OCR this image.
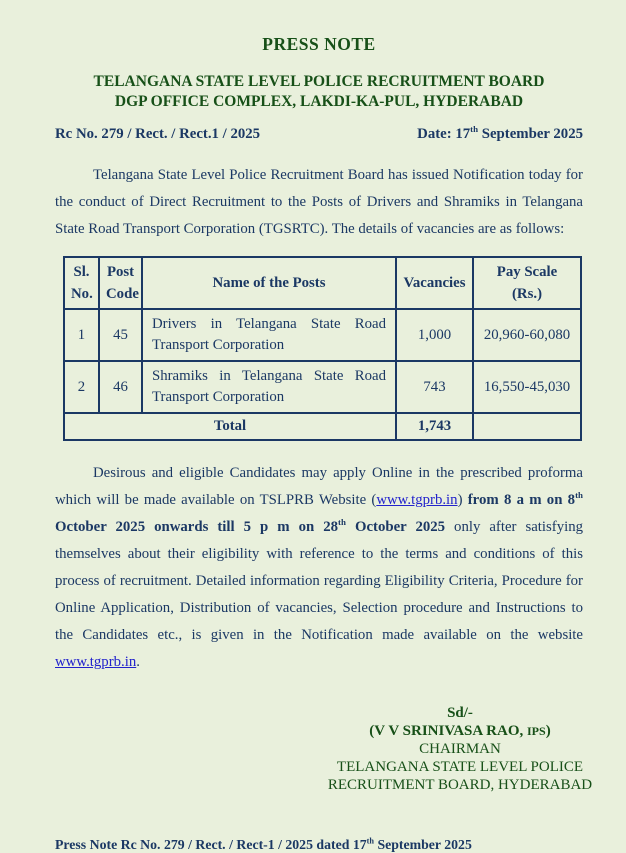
PRESS NOTE
TELANGANA STATE LEVEL POLICE RECRUITMENT BOARD
DGP OFFICE COMPLEX, LAKDI-KA-PUL, HYDERABAD
Rc No. 279 / Rect. / Rect.1 / 2025	Date: 17th September 2025

Telangana State Level Police Recruitment Board has issued Notification today for the conduct of Direct Recruitment to the Posts of Drivers and Shramiks in Telangana State Road Transport Corporation (TGSRTC). The details of vacancies are as follows:

Sl. No.	Post Code	Name of the Posts	Vacancies	Pay Scale (Rs.)
1	45	Drivers in Telangana State Road Transport Corporation	1,000	20,960-60,080
2	46	Shramiks in Telangana State Road Transport Corporation	743	16,550-45,030
Total			1,743	

Desirous and eligible Candidates may apply Online in the prescribed proforma which will be made available on TSLPRB Website (www.tgprb.in) from 8 a m on 8th October 2025 onwards till 5 p m on 28th October 2025 only after satisfying themselves about their eligibility with reference to the terms and conditions of this process of recruitment. Detailed information regarding Eligibility Criteria, Procedure for Online Application, Distribution of vacancies, Selection procedure and Instructions to the Candidates etc., is given in the Notification made available on the website www.tgprb.in.

Sd/-
(V V SRINIVASA RAO, IPS)
CHAIRMAN
TELANGANA STATE LEVEL POLICE
RECRUITMENT BOARD, HYDERABAD
Press Note Rc No. 279 / Rect. / Rect-1 / 2025 dated 17th September 2025
